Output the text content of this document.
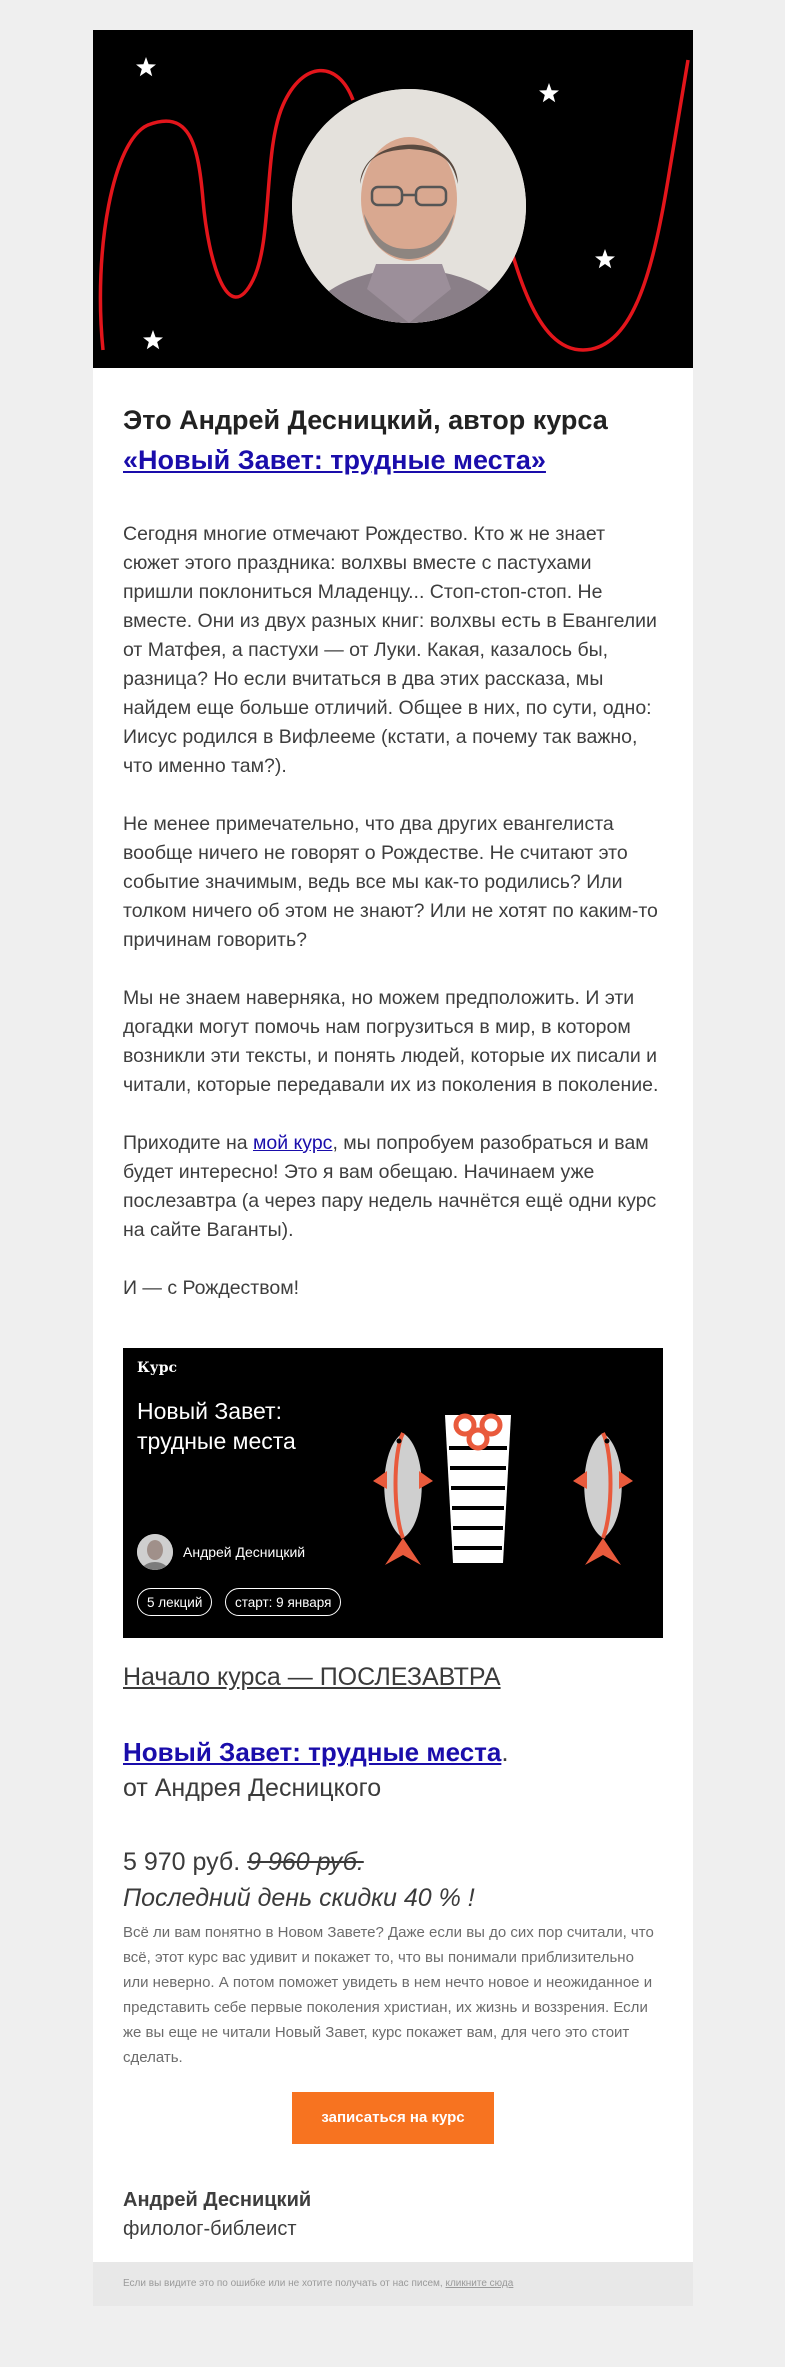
Это Андрей Десницкий, автор курса
«Новый Завет: трудные места»

Сегодня многие отмечают Рождество. Кто ж не знает сюжет этого праздника: волхвы вместе с пастухами пришли поклониться Младенцу... Стоп-стоп-стоп. Не вместе. Они из двух разных книг: волхвы есть в Евангелии от Матфея, а пастухи — от Луки. Какая, казалось бы, разница? Но если вчитаться в два этих рассказа, мы найдем еще больше отличий. Общее в них, по сути, одно: Иисус родился в Вифлееме (кстати, а почему так важно, что именно там?).

Не менее примечательно, что два других евангелиста вообще ничего не говорят о Рождестве. Не считают это событие значимым, ведь все мы как-то родились? Или толком ничего об этом не знают? Или не хотят по каким-то причинам говорить?

Мы не знаем наверняка, но можем предположить. И эти догадки могут помочь нам погрузиться в мир, в котором возникли эти тексты, и понять людей, которые их писали и читали, которые передавали их из поколения в поколение.

Приходите на мой курс, мы попробуем разобраться и вам будет интересно! Это я вам обещаю. Начинаем уже послезавтра (а через пару недель начнётся ещё одни курс на сайте Ваганты).

И — с Рождеством!

Курс
Новый Завет: трудные места
Андрей Десницкий
5 лекций	старт: 9 января
Начало курса — ПОСЛЕЗАВТРА
Новый Завет: трудные места.
от Андрея Десницкого
5 970 руб. 9 960 руб.
Последний день скидки 40 % !

Всё ли вам понятно в Новом Завете? Даже если вы до сих пор считали, что всё, этот курс вас удивит и покажет то, что вы понимали приблизительно или неверно. А потом поможет увидеть в нем нечто новое и неожиданное и представить себе первые поколения христиан, их жизнь и воззрения. Если же вы еще не читали Новый Завет, курс покажет вам, для чего это стоит сделать.

записаться на курс
Андрей Десницкий
филолог-библеист
Если вы видите это по ошибке или не хотите получать от нас писем, кликните сюда
